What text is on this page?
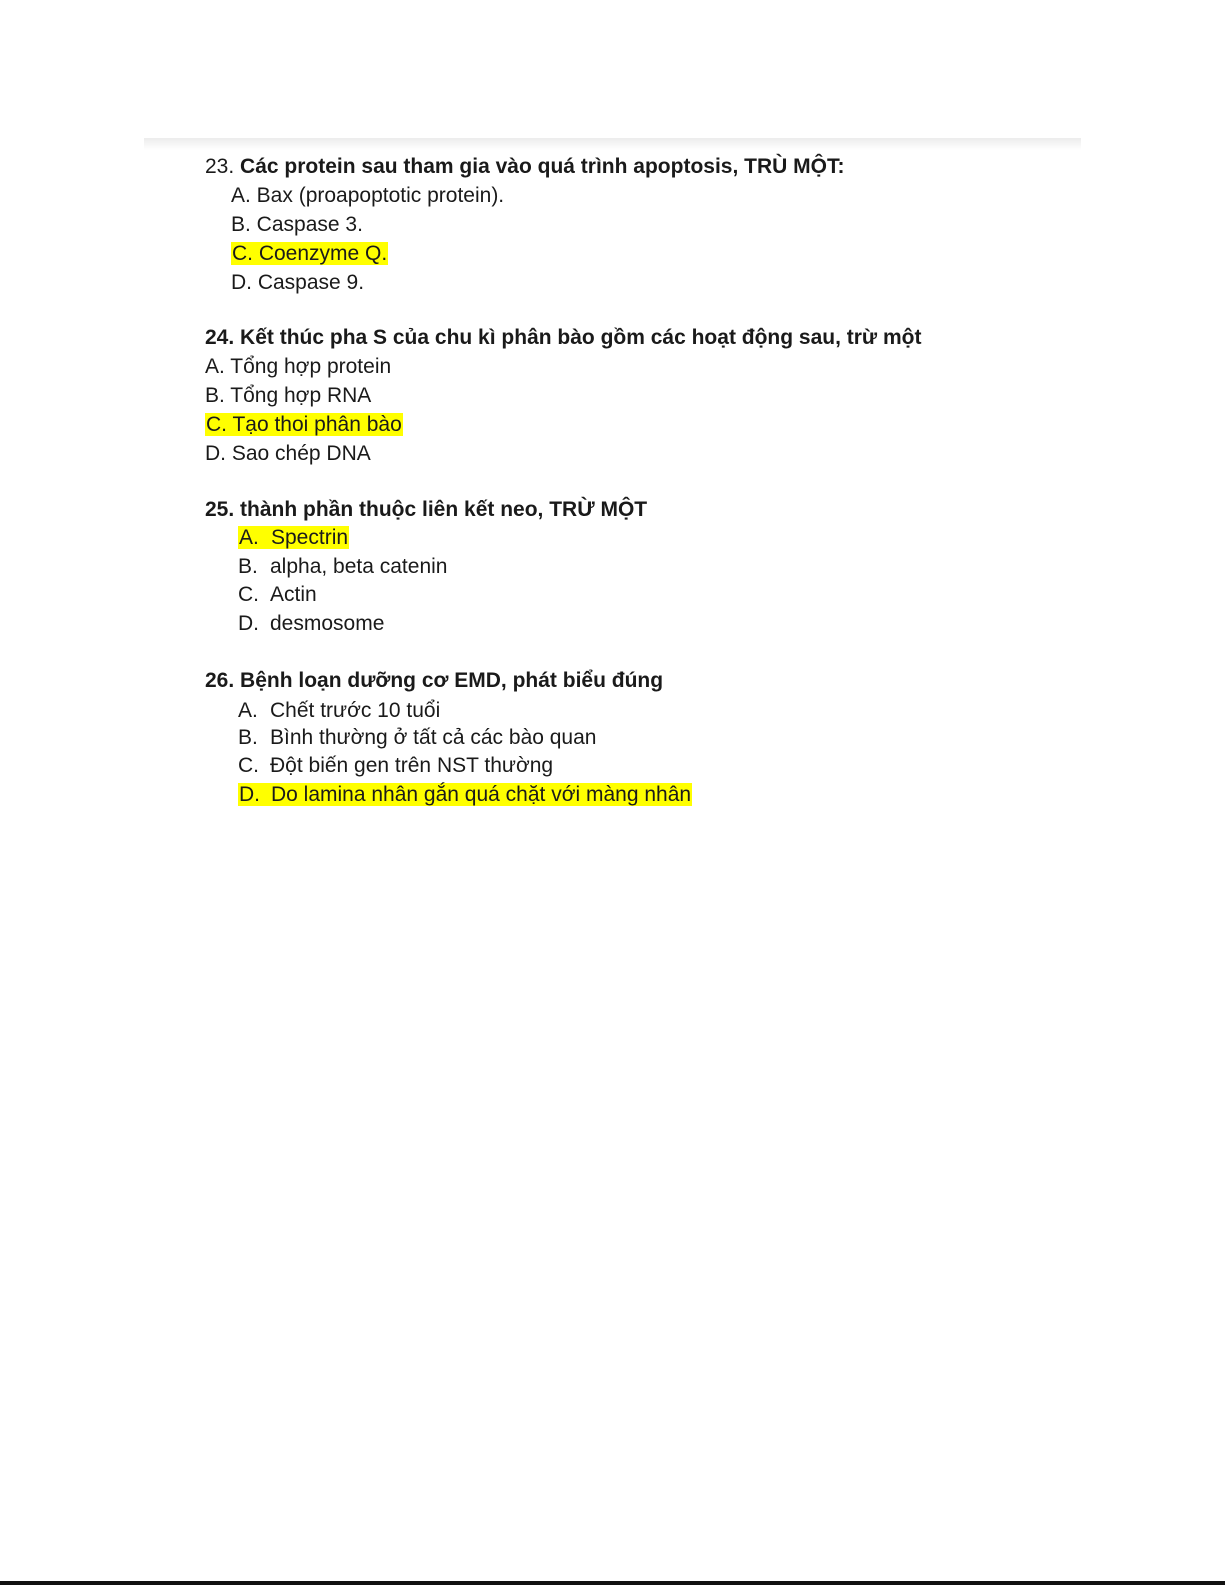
23. Các protein sau tham gia vào quá trình apoptosis, TRÙ MỘT:
A. Bax (proapoptotic protein).
B. Caspase 3.
C. Coenzyme Q.
D. Caspase 9.
24. Kết thúc pha S của chu kì phân bào gồm các hoạt động sau, trừ một
A. Tổng hợp protein
B. Tổng hợp RNA
C. Tạo thoi phân bào
D. Sao chép DNA
25. thành phần thuộc liên kết neo, TRỪ MỘT
A. Spectrin
B. alpha, beta catenin
C. Actin
D. desmosome
26. Bệnh loạn dưỡng cơ EMD, phát biểu đúng
A. Chết trước 10 tuổi
B. Bình thường ở tất cả các bào quan
C. Đột biến gen trên NST thường
D. Do lamina nhân gắn quá chặt với màng nhân
